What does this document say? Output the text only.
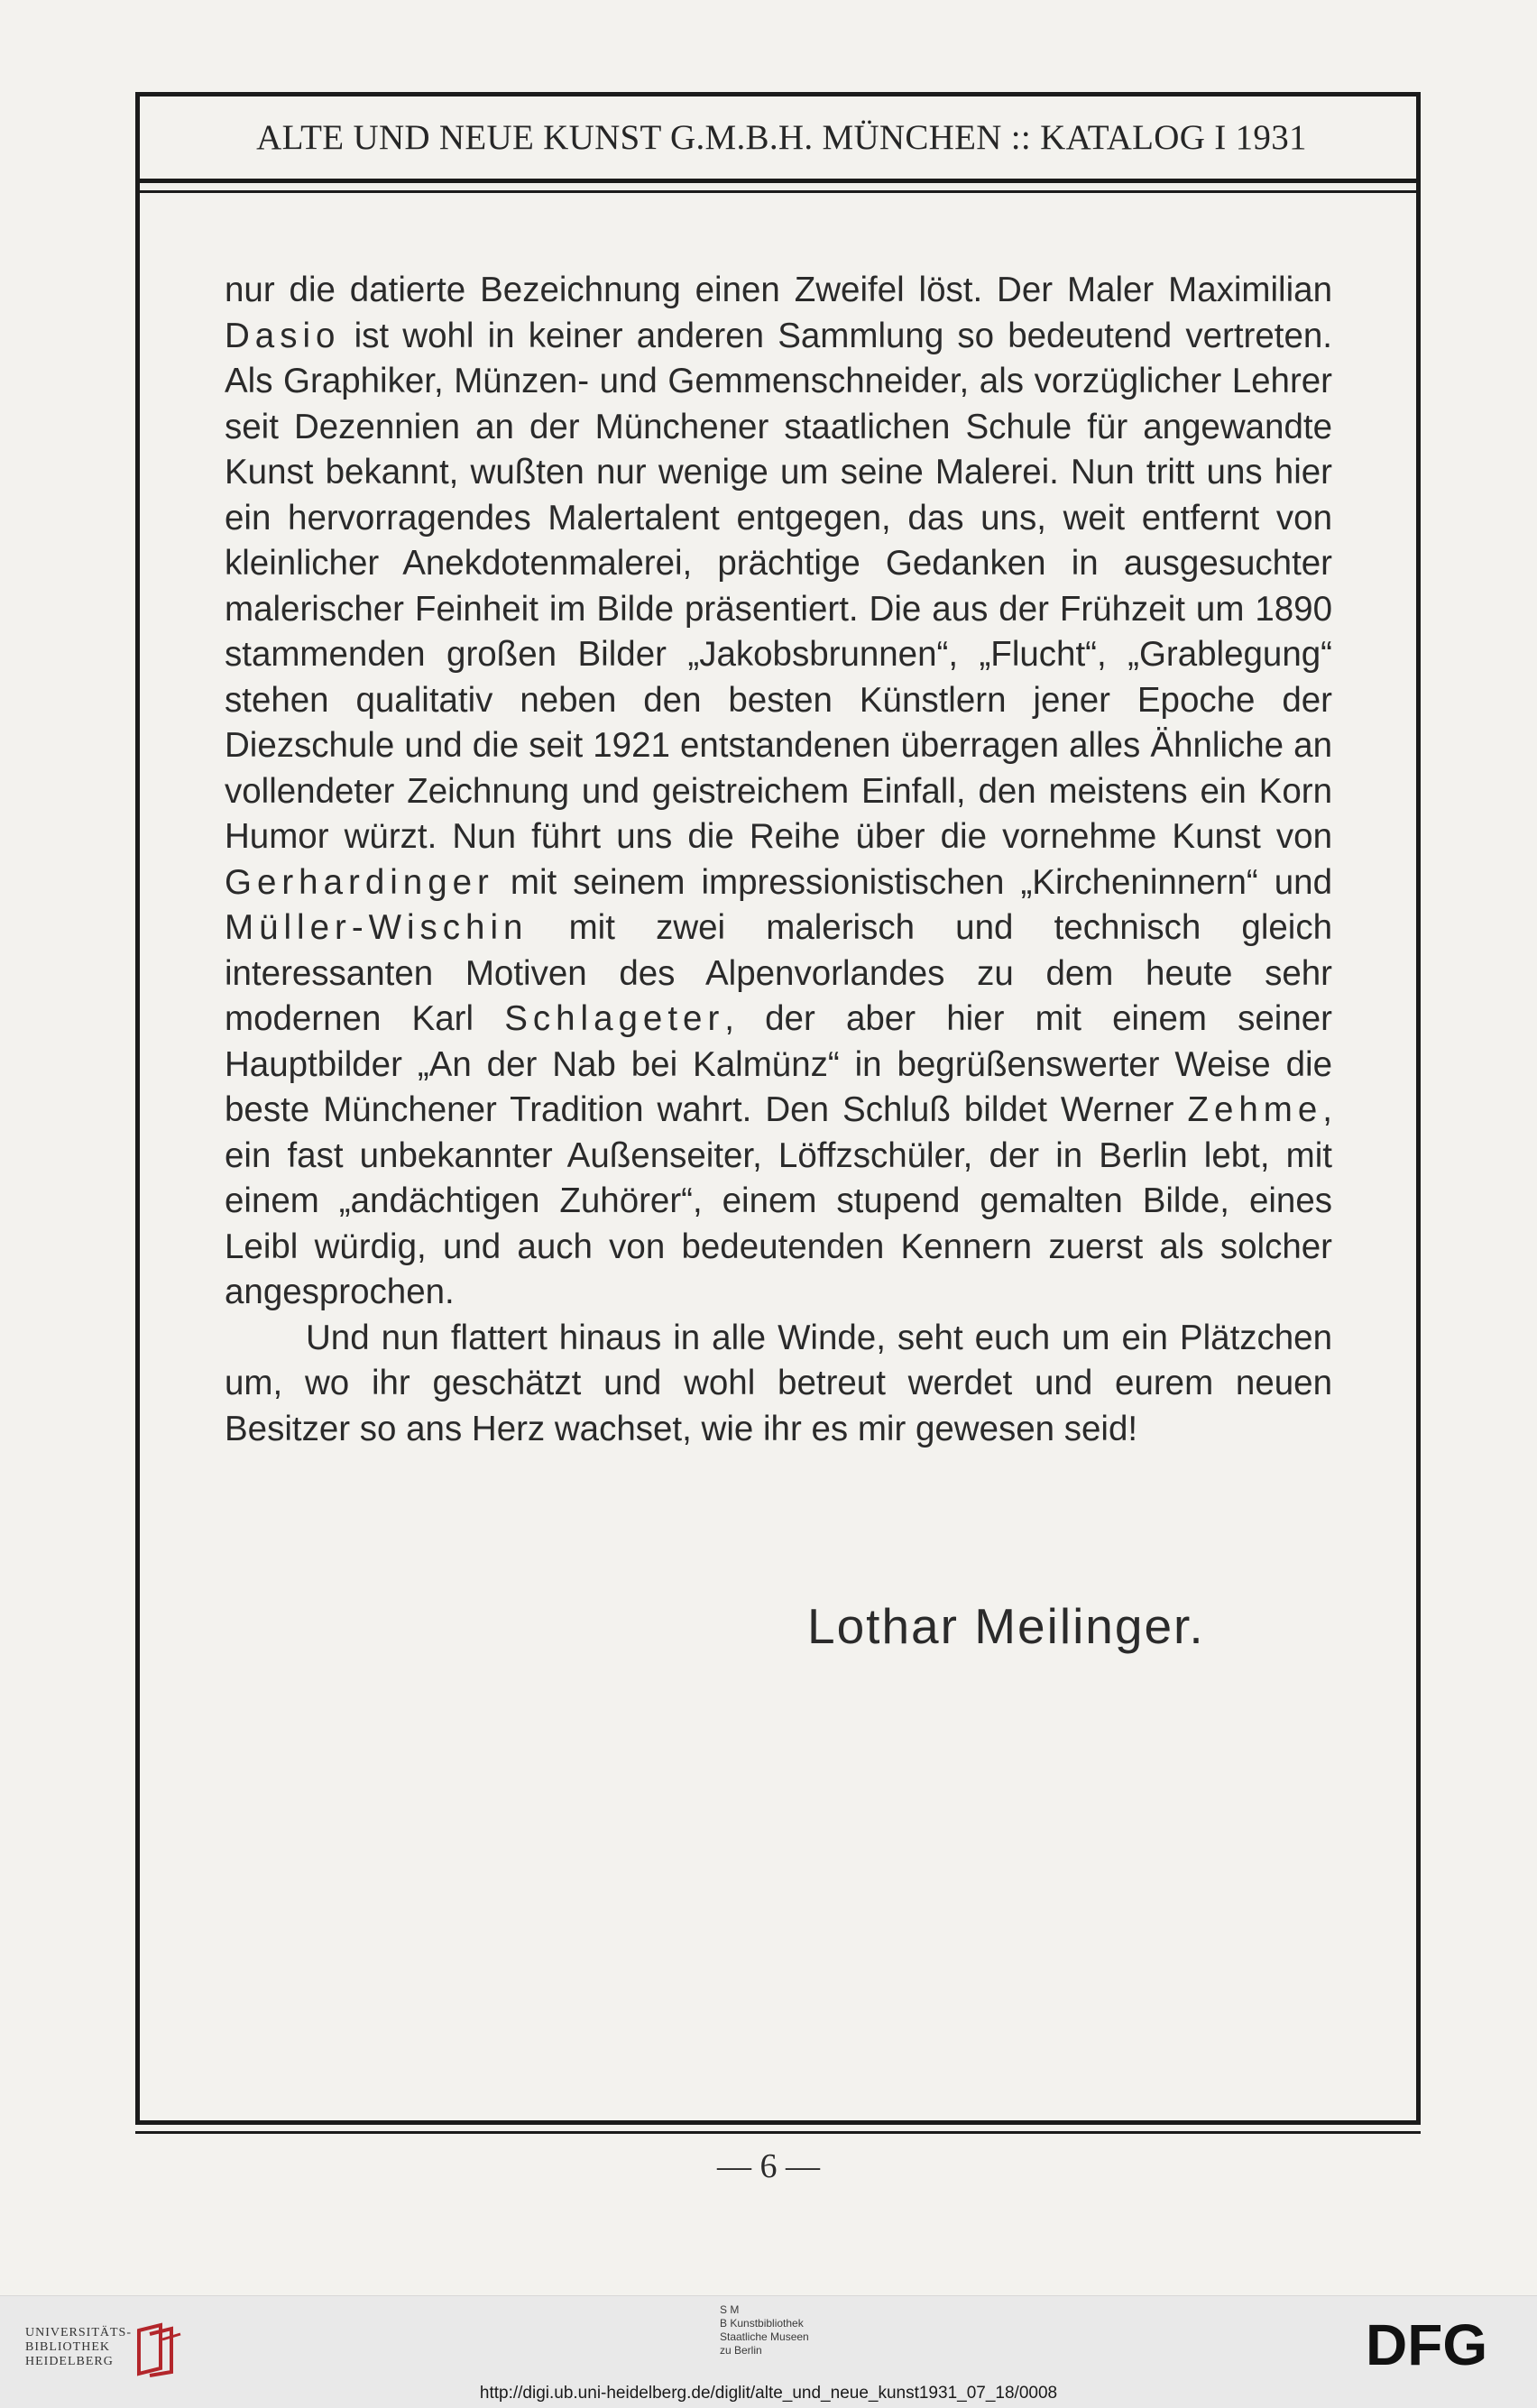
ALTE UND NEUE KUNST G.M.B.H. MÜNCHEN :: KATALOG I 1931

nur die datierte Bezeichnung einen Zweifel löst. Der Maler Maximilian Dasio ist wohl in keiner anderen Sammlung so bedeutend vertreten. Als Graphiker, Münzen- und Gemmenschneider, als vorzüglicher Lehrer seit Dezennien an der Münchener staatlichen Schule für angewandte Kunst bekannt, wußten nur wenige um seine Malerei. Nun tritt uns hier ein hervorragendes Malertalent entgegen, das uns, weit entfernt von kleinlicher Anekdotenmalerei, prächtige Gedanken in ausgesuchter malerischer Feinheit im Bilde präsentiert. Die aus der Frühzeit um 1890 stammenden großen Bilder „Jakobsbrunnen“, „Flucht“, „Grablegung“ stehen qualitativ neben den besten Künstlern jener Epoche der Diezschule und die seit 1921 entstandenen überragen alles Ähnliche an vollendeter Zeichnung und geistreichem Einfall, den meistens ein Korn Humor würzt. Nun führt uns die Reihe über die vornehme Kunst von Gerhardinger mit seinem impressionistischen „Kircheninnern“ und Müller-Wischin mit zwei malerisch und technisch gleich interessanten Motiven des Alpenvorlandes zu dem heute sehr modernen Karl Schlageter, der aber hier mit einem seiner Hauptbilder „An der Nab bei Kalmünz“ in begrüßenswerter Weise die beste Münchener Tradition wahrt. Den Schluß bildet Werner Zehme, ein fast unbekannter Außenseiter, Löffzschüler, der in Berlin lebt, mit einem „andächtigen Zuhörer“, einem stupend gemalten Bilde, eines Leibl würdig, und auch von bedeutenden Kennern zuerst als solcher angesprochen.

Und nun flattert hinaus in alle Winde, seht euch um ein Plätzchen um, wo ihr geschätzt und wohl betreut werdet und eurem neuen Besitzer so ans Herz wachset, wie ihr es mir gewesen seid!

Lothar Meilinger.
— 6 —
UNIVERSITÄTS-
BIBLIOTHEK
HEIDELBERG
S M
B Kunstbibliothek
Staatliche Museen
zu Berlin	DFG
http://digi.ub.uni-heidelberg.de/diglit/alte_und_neue_kunst1931_07_18/0008
